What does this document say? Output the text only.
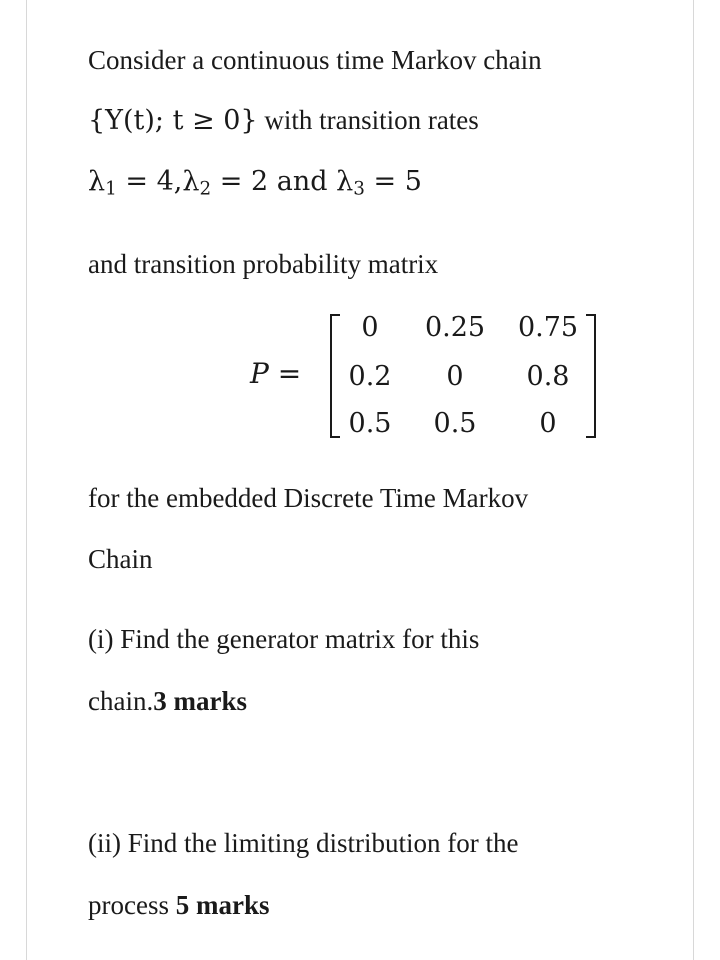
Consider a continuous time Markov chain
{Y(t); t ≥ 0} with transition rates
$\lambda_1 = 4,\lambda_2 = 2$ and $\lambda_3 = 5$
and transition probability matrix
P =
0	0.25	0.75
0.2	0	0.8
0.5	0.5	0
for the embedded Discrete Time Markov
Chain
(i) Find the generator matrix for this
chain.3 marks
(ii) Find the limiting distribution for the
process 5 marks
